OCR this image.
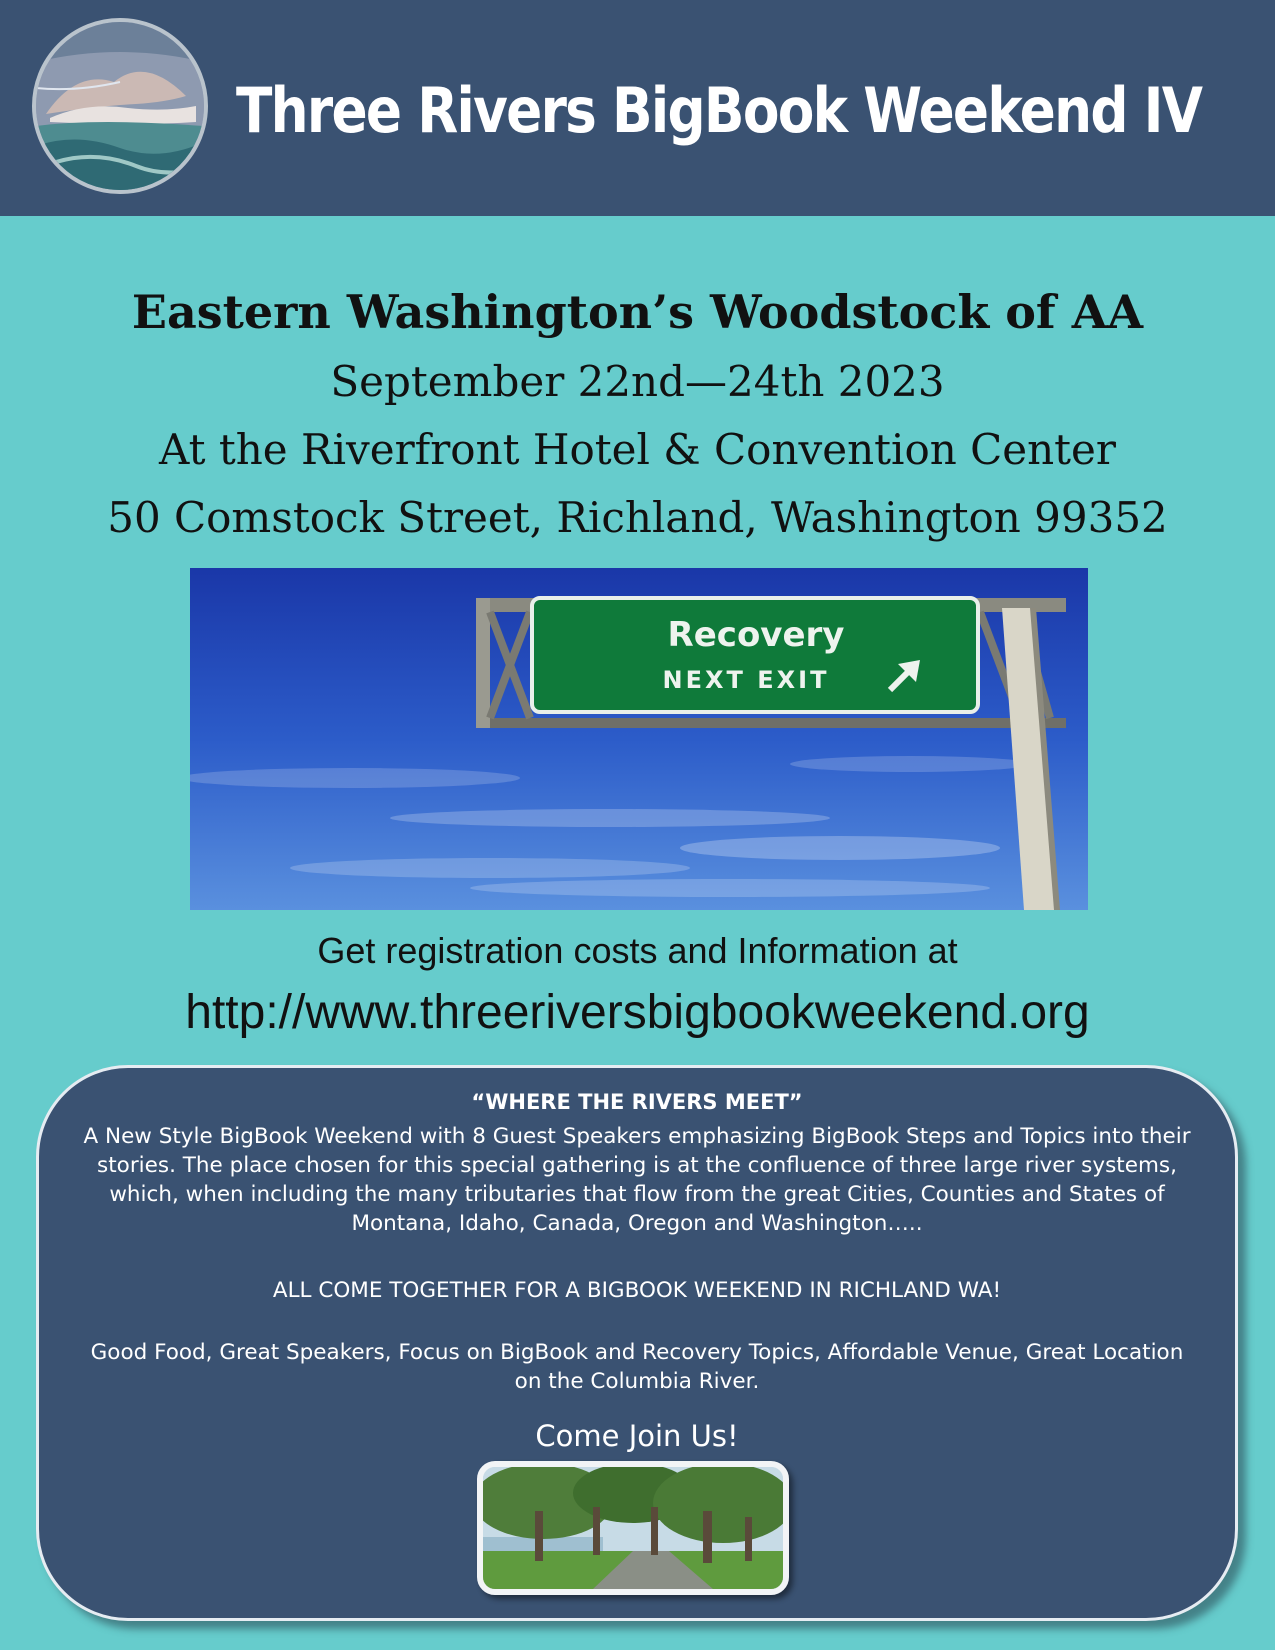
Three Rivers BigBook Weekend IV
Eastern Washington’s Woodstock of AA
September 22nd—24th 2023
At the Riverfront Hotel & Convention Center
50 Comstock Street, Richland, Washington 99352
Recovery
NEXT EXIT
Get registration costs and Information at
http://www.threeriversbigbookweekend.org
“WHERE THE RIVERS MEET”
A New Style BigBook Weekend with 8 Guest Speakers emphasizing BigBook Steps and Topics into their stories. The place chosen for this special gathering is at the confluence of three large river systems, which, when including the many tributaries that flow from the great Cities, Counties and States of Montana, Idaho, Canada, Oregon and Washington…..
ALL COME TOGETHER FOR A BIGBOOK WEEKEND IN RICHLAND WA!
Good Food, Great Speakers, Focus on BigBook and Recovery Topics, Affordable Venue, Great Location on the Columbia River.
Come Join Us!
